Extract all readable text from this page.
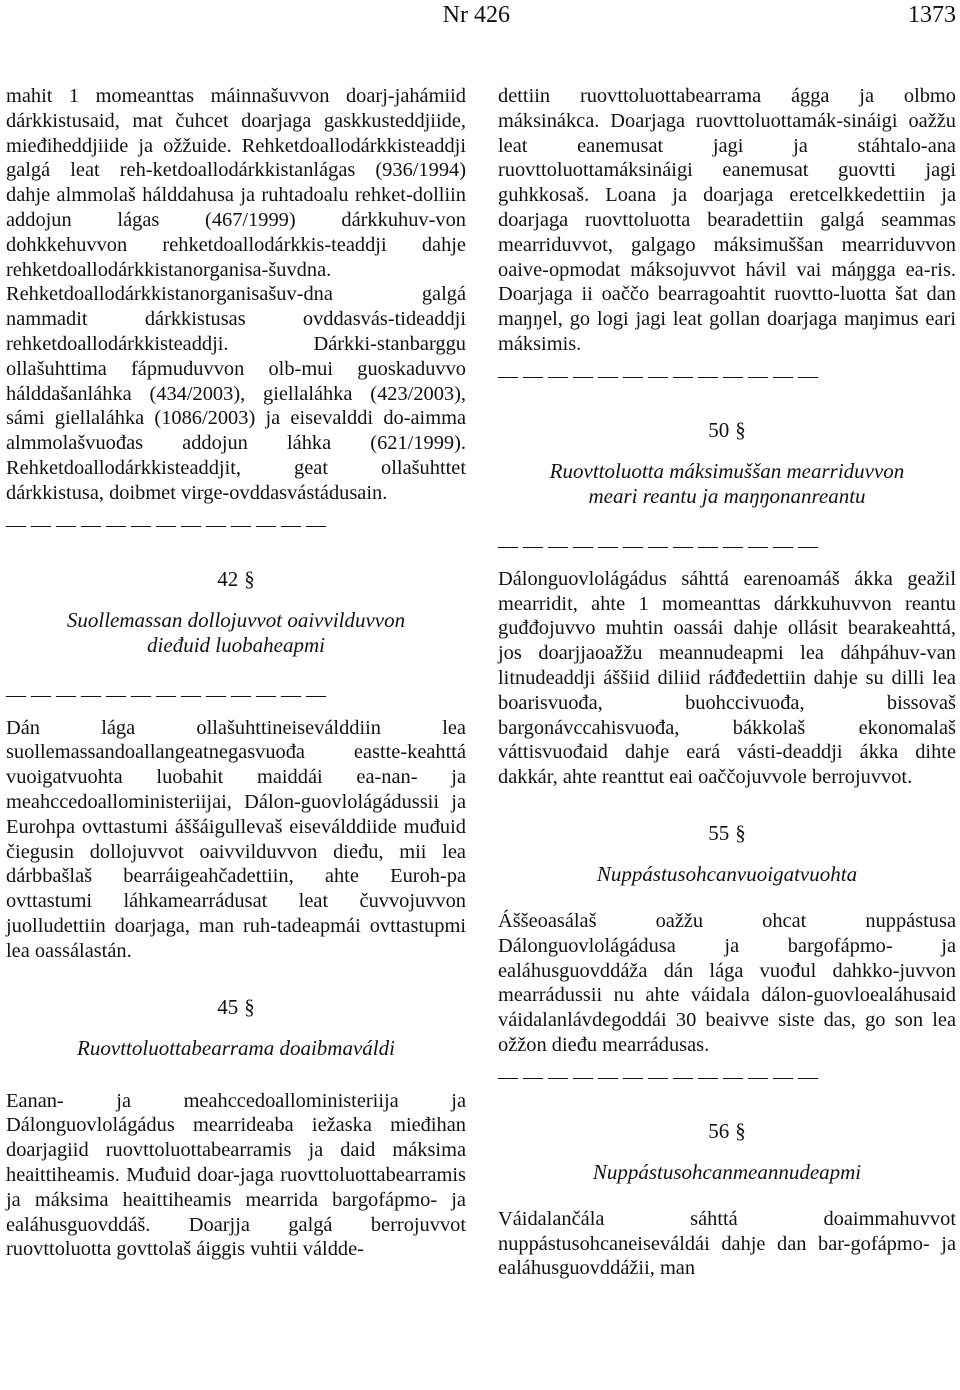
Nr 426	1373

mahit 1 momeanttas máinnašuvvon doarj-jahámiid dárkkistusaid, mat čuhcet doarjaga gaskkusteddjiide, mieđiheddjiide ja ožžuide. Rehketdoallodárkkisteaddji galgá leat reh-ketdoallodárkkistanlágas (936/1994) dahje almmolaš hálddahusa ja ruhtadoalu rehket-dolliin addojun lágas (467/1999) dárkkuhuv-von dohkkehuvvon rehketdoallodárkkis-teaddji dahje rehketdoallodárkkistanorganisa-šuvdna. Rehketdoallodárkkistanorganisašuv-dna galgá nammadit dárkkistusas ovddasvás-tideaddji rehketdoallodárkkisteaddji. Dárkki-stanbarggu ollašuhttima fápmuduvvon olb-mui guoskaduvvo hálddašanláhka (434/2003), giellaláhka (423/2003), sámi giellaláhka (1086/2003) ja eisevalddi do-aimma almmolašvuođas addojun láhka (621/1999). Rehketdoallodárkkisteaddjit, geat ollašuhttet dárkkistusa, doibmet virge-ovddasvástádusain.

— — — — — — — — — — — — —
42 §
Suollemassan dollojuvvot oaivvilduvvon
dieđuid luobaheapmi
— — — — — — — — — — — — —

Dán lága ollašuhttineiseválddiin lea suollemassandoallangeatnegasvuođa eastte-keahttá vuoigatvuohta luobahit maiddái ea-nan- ja meahccedoalloministeriijai, Dálon-guovlolágádussii ja Eurohpa ovttastumi áššáigullevaš eiseválddiide muđuid čiegusin dollojuvvot oaivvilduvvon dieđu, mii lea dárbbašlaš bearráigeahčadettiin, ahte Euroh-pa ovttastumi láhkamearrádusat leat čuvvojuvvon juolludettiin doarjaga, man ruh-tadeapmái ovttastupmi lea oassálastán.

45 §
Ruovttoluottabearrama doaibmaváldi

Eanan- ja meahccedoalloministeriija ja Dálonguovlolágádus mearrideaba iežaska mieđihan doarjagiid ruovttoluottabearramis ja daid máksima heaittiheamis. Muđuid doar-jaga ruovttoluottabearramis ja máksima heaittiheamis mearrida bargofápmo- ja ealáhusguovddáš. Doarjja galgá berrojuvvot ruovttoluotta govttolaš áiggis vuhtii váldde-

dettiin ruovttoluottabearrama ágga ja olbmo máksinákca. Doarjaga ruovttoluottamák-sináigi oažžu leat eanemusat jagi ja stáhtalo-ana ruovttoluottamáksináigi eanemusat guovtti jagi guhkkosaš. Loana ja doarjaga eretcelkkedettiin ja doarjaga ruovttoluotta bearadettiin galgá seammas mearriduvvot, galgago máksimuššan mearriduvvon oaive-opmodat máksojuvvot hávil vai máŋgga ea-ris. Doarjaga ii oaččo bearragoahtit ruovtto-luotta šat dan maŋŋel, go logi jagi leat gollan doarjaga maŋimus eari máksimis.

— — — — — — — — — — — — —
50 §
Ruovttoluotta máksimuššan mearriduvvon
meari reantu ja maŋŋonanreantu
— — — — — — — — — — — — —

Dálonguovlolágádus sáhttá earenoamáš ákka geažil mearridit, ahte 1 momeanttas dárkkuhuvvon reantu guđđojuvvo muhtin oassái dahje ollásit bearakeahttá, jos doarjjaoažžu meannudeapmi lea dáhpáhuv-van litnudeaddji áššiid diliid ráđđedettiin dahje su dilli lea boarisvuođa, buohccivuođa, bissovaš bargonávccahisvuođa, bákkolaš ekonomalaš váttisvuođaid dahje eará vásti-deaddji ákka dihte dakkár, ahte reanttut eai oaččojuvvole berrojuvvot.

55 §
Nuppástusohcanvuoigatvuohta

Áššeoasálaš oažžu ohcat nuppástusa Dálonguovlolágádusa ja bargofápmo- ja ealáhusguovddáža dán lága vuođul dahkko-juvvon mearrádussii nu ahte váidala dálon-guovloealáhusaid váidalanlávdegoddái 30 beaivve siste das, go son lea ožžon dieđu mearrádusas.

— — — — — — — — — — — — —
56 §
Nuppástusohcanmeannudeapmi

Váidalančála sáhttá doaimmahuvvot nuppástusohcaneiseváldái dahje dan bar-gofápmo- ja ealáhusguovddážii, man
